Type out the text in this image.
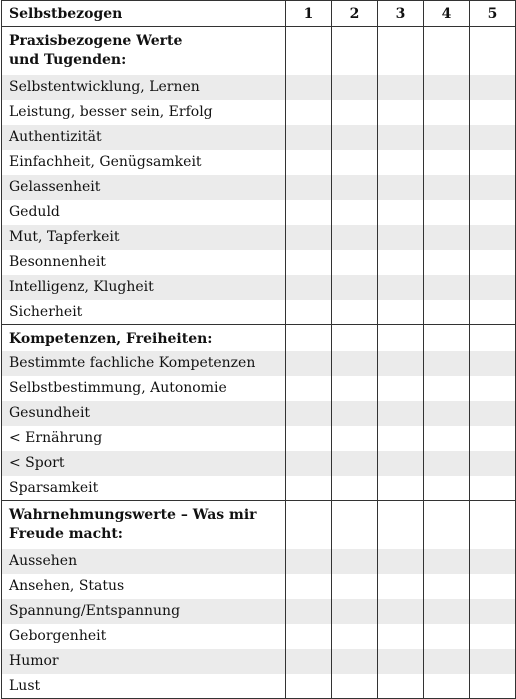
Selbstbezogen	1	2	3	4	5
Praxisbezogene Werte
und Tugenden:					
Selbstentwicklung, Lernen					
Leistung, besser sein, Erfolg					
Authentizität					
Einfachheit, Genügsamkeit					
Gelassenheit					
Geduld					
Mut, Tapferkeit					
Besonnenheit					
Intelligenz, Klugheit					
Sicherheit					
Kompetenzen, Freiheiten:					
Bestimmte fachliche Kompetenzen					
Selbstbestimmung, Autonomie					
Gesundheit					
< Ernährung					
< Sport					
Sparsamkeit					
Wahrnehmungswerte – Was mir
Freude macht:					
Aussehen					
Ansehen, Status					
Spannung/Entspannung					
Geborgenheit					
Humor					
Lust					
